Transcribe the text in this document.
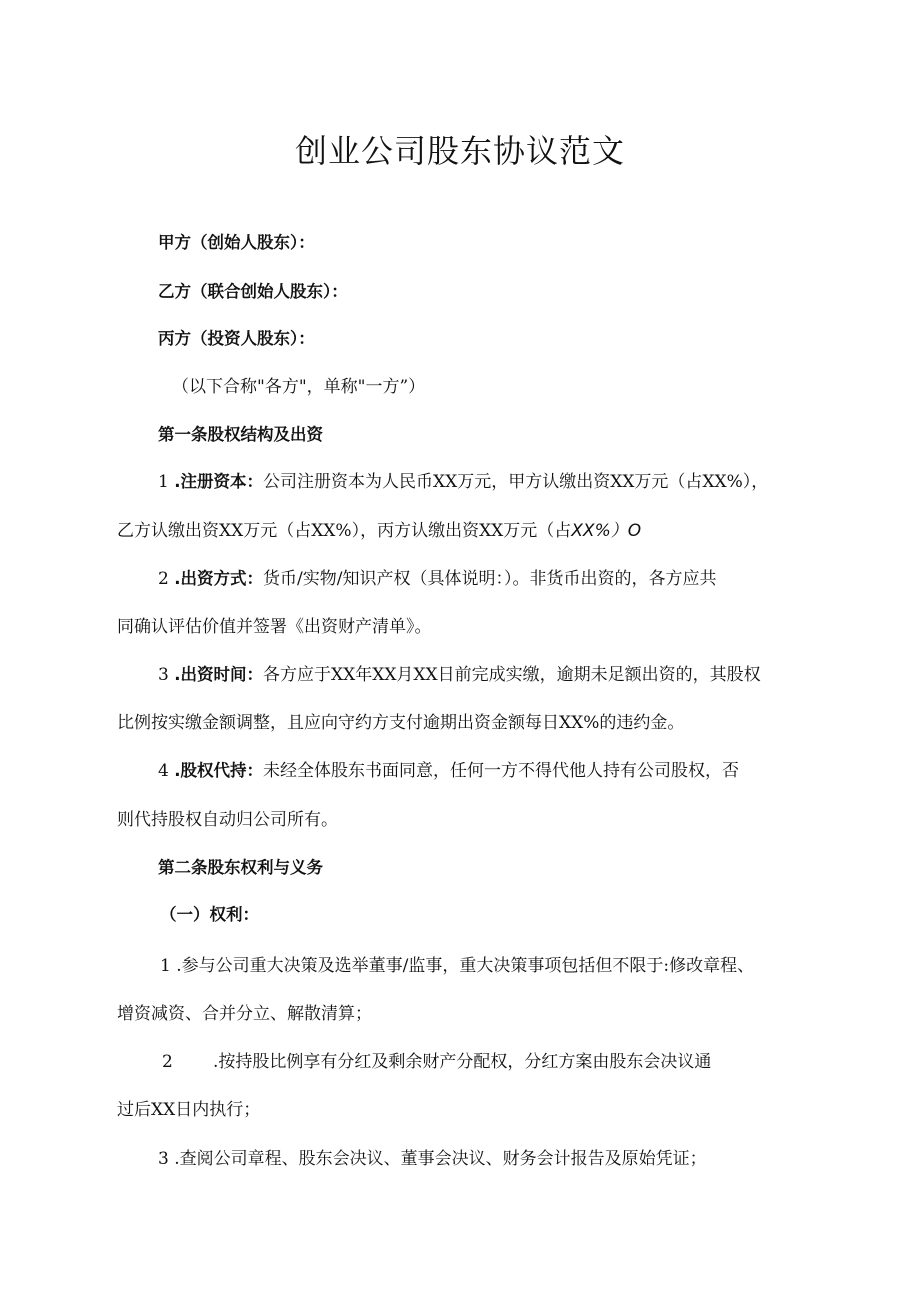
创业公司股东协议范文
甲方（创始人股东）：
乙方（联合创始人股东）：
丙方（投资人股东）：
（以下合称"各方"，单称"一方”）
第一条股权结构及出资
1 .注册资本：公司注册资本为人民币XX万元，甲方认缴出资XX万元（占XX%），
乙方认缴出资XX万元（占XX%），丙方认缴出资XX万元（占XX%）O
2 .出资方式：货币/实物/知识产权（具体说明：）。非货币出资的，各方应共
同确认评估价值并签署《出资财产清单》。
3 .出资时间：各方应于XX年XX月XX日前完成实缴，逾期未足额出资的，其股权
比例按实缴金额调整，且应向守约方支付逾期出资金额每日XX%的违约金。
4 .股权代持：未经全体股东书面同意，任何一方不得代他人持有公司股权，否
则代持股权自动归公司所有。
第二条股东权利与义务
（一）权利：
1 .参与公司重大决策及选举董事/监事，重大决策事项包括但不限于:修改章程、
增资减资、合并分立、解散清算；
2 .按持股比例享有分红及剩余财产分配权，分红方案由股东会决议通
过后XX日内执行；
3 .查阅公司章程、股东会决议、董事会决议、财务会计报告及原始凭证；
